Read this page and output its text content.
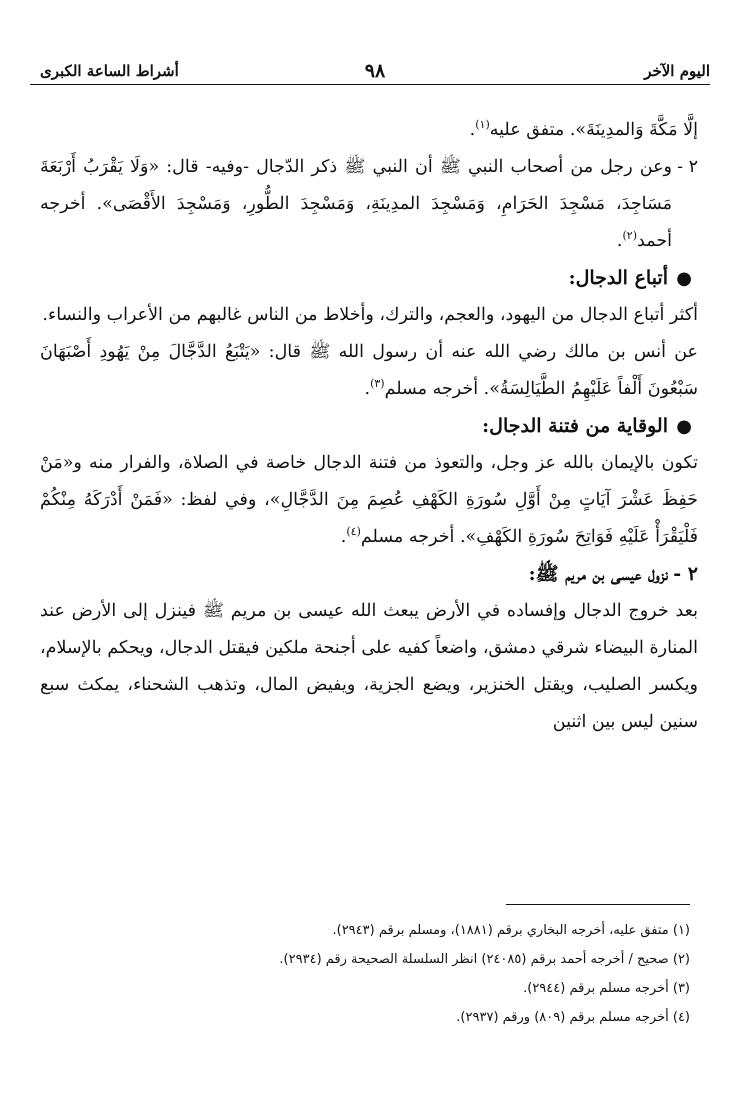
اليوم الآخر
٩٨
أشراط الساعة الكبرى

إلَّا مَكَّةَ وَالمدِينَةَ». متفق عليه$^{(١)}$.

٢ -
وعن رجل من أصحاب النبي ﷺ أن النبي ﷺ ذكر الدّجال -وفيه- قال: «وَلَا يَقْرَبُ أَرْبَعَةَ مَسَاجِدَ، مَسْجِدَ الحَرَامِ، وَمَسْجِدَ المدِينَةِ، وَمَسْجِدَ الطُّورِ، وَمَسْجِدَ الأَقْصَى». أخرجه أحمد$^{(٢)}$.

●
أتباع الدجال:

أكثر أتباع الدجال من اليهود، والعجم، والترك، وأخلاط من الناس غالبهم من الأعراب والنساء.

عن أنس بن مالك رضي الله عنه أن رسول الله ﷺ قال: «يَتْبَعُ الدَّجَّالَ مِنْ يَهُودِ أَصْبَهَانَ سَبْعُونَ أَلْفاً عَلَيْهِمُ الطَّيَالِسَةُ». أخرجه مسلم$^{(٣)}$.

●
الوقاية من فتنة الدجال:

تكون بالإيمان بالله عز وجل، والتعوذ من فتنة الدجال خاصة في الصلاة، والفرار منه و«مَنْ حَفِظَ عَشْرَ آيَاتٍ مِنْ أَوَّلِ سُورَةِ الكَهْفِ عُصِمَ مِنَ الدَّجَّالِ»، وفي لفظ: «فَمَنْ أَدْرَكَهُ مِنْكُمْ فَلْيَقْرَأْ عَلَيْهِ فَوَاتِحَ سُورَةِ الكَهْفِ». أخرجه مسلم$^{(٤)}$.

٢ -
نزول عيسى بن مريم ﷺ:

بعد خروج الدجال وإفساده في الأرض يبعث الله عيسى بن مريم ﷺ فينزل إلى الأرض عند المنارة البيضاء شرقي دمشق، واضعاً كفيه على أجنحة ملكين فيقتل الدجال، ويحكم بالإسلام، ويكسر الصليب، ويقتل الخنزير، ويضع الجزية، ويفيض المال، وتذهب الشحناء، يمكث سبع سنين ليس بين اثنين

(١) متفق عليه، أخرجه البخاري برقم (١٨٨١)، ومسلم برقم (٢٩٤٣).
(٢) صحيح / أخرجه أحمد برقم (٢٤٠٨٥) انظر السلسلة الصحيحة رقم (٢٩٣٤).
(٣) أخرجه مسلم برقم (٢٩٤٤).
(٤) أخرجه مسلم برقم (٨٠٩) ورقم (٢٩٣٧).
